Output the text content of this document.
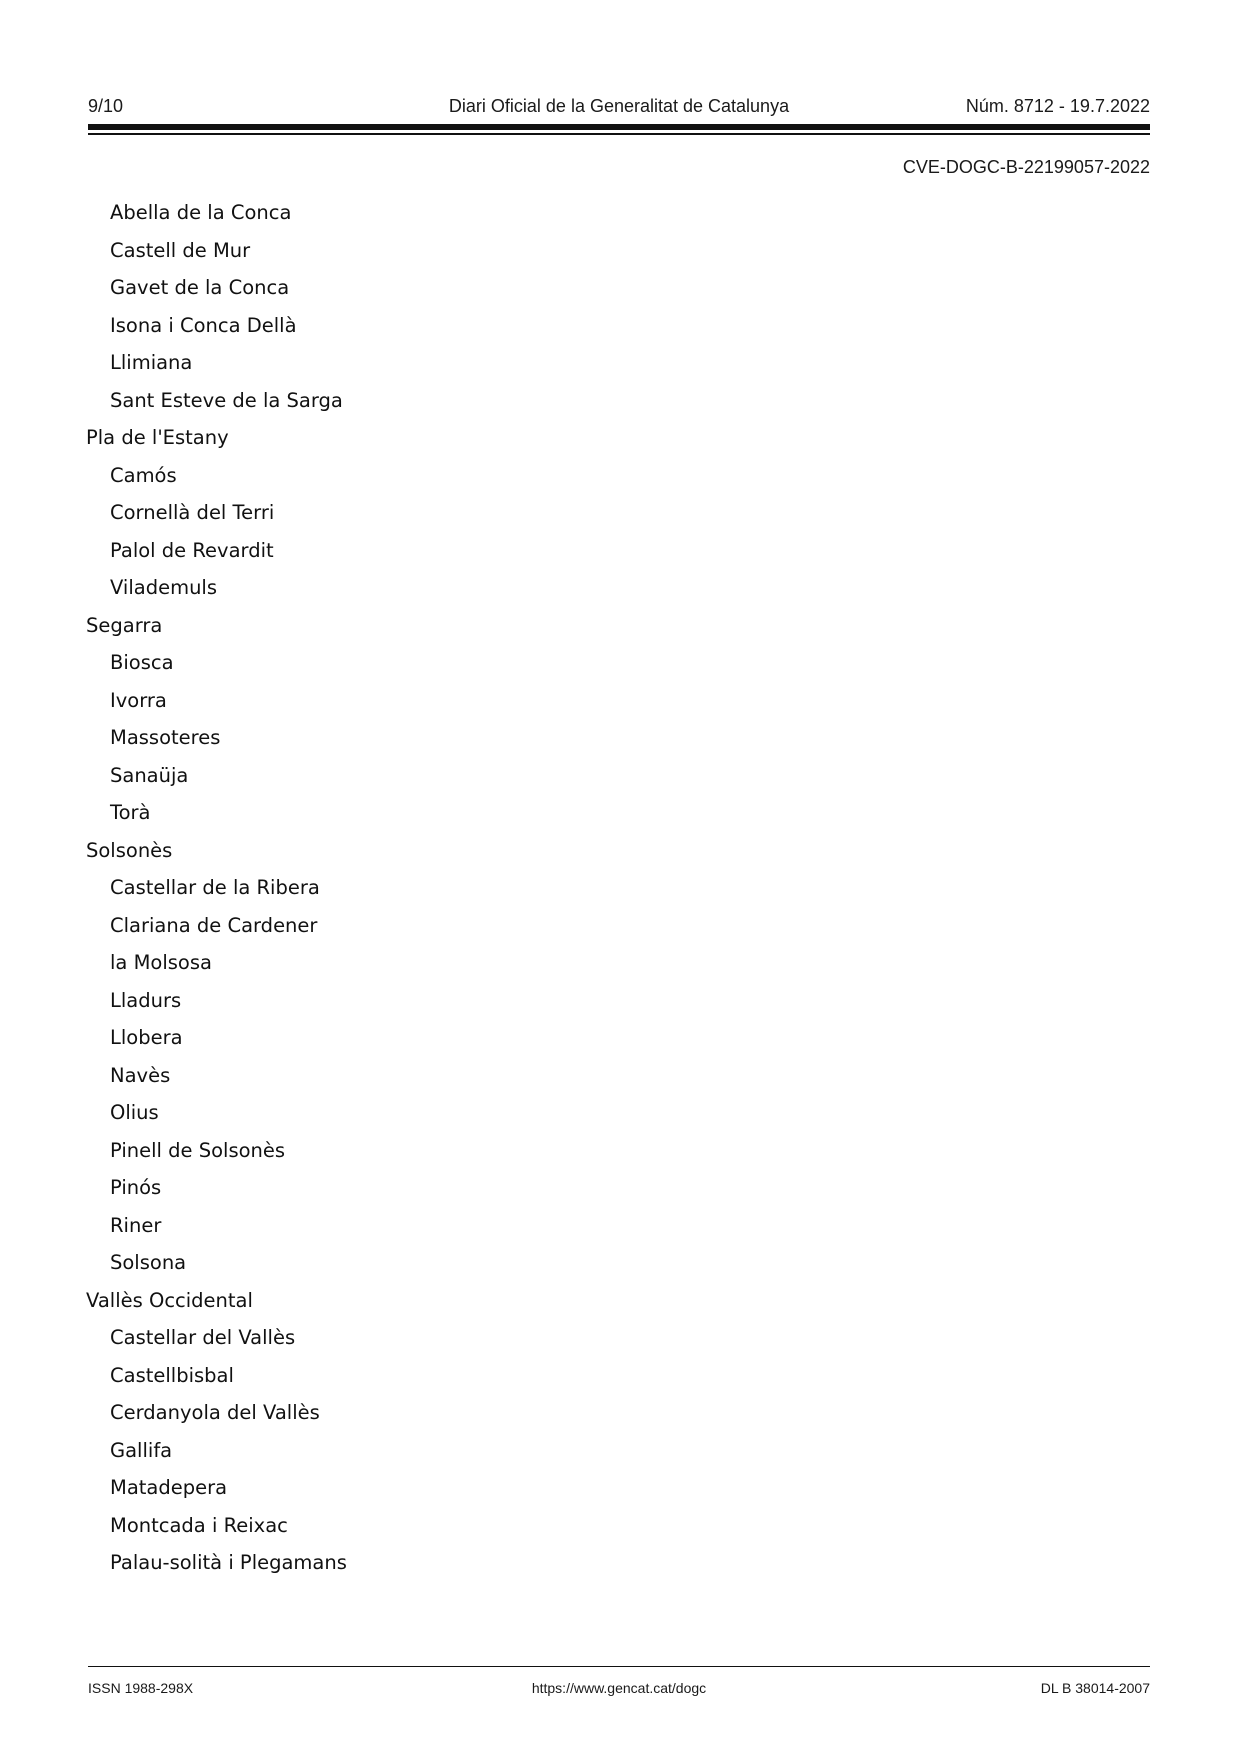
9/10	Diari Oficial de la Generalitat de Catalunya	Núm. 8712 - 19.7.2022
CVE-DOGC-B-22199057-2022
Abella de la Conca
Castell de Mur
Gavet de la Conca
Isona i Conca Dellà
Llimiana
Sant Esteve de la Sarga
Pla de l'Estany
Camós
Cornellà del Terri
Palol de Revardit
Vilademuls
Segarra
Biosca
Ivorra
Massoteres
Sanaüja
Torà
Solsonès
Castellar de la Ribera
Clariana de Cardener
la Molsosa
Lladurs
Llobera
Navès
Olius
Pinell de Solsonès
Pinós
Riner
Solsona
Vallès Occidental
Castellar del Vallès
Castellbisbal
Cerdanyola del Vallès
Gallifa
Matadepera
Montcada i Reixac
Palau-solità i Plegamans
ISSN 1988-298X	https://www.gencat.cat/dogc	DL B 38014-2007
